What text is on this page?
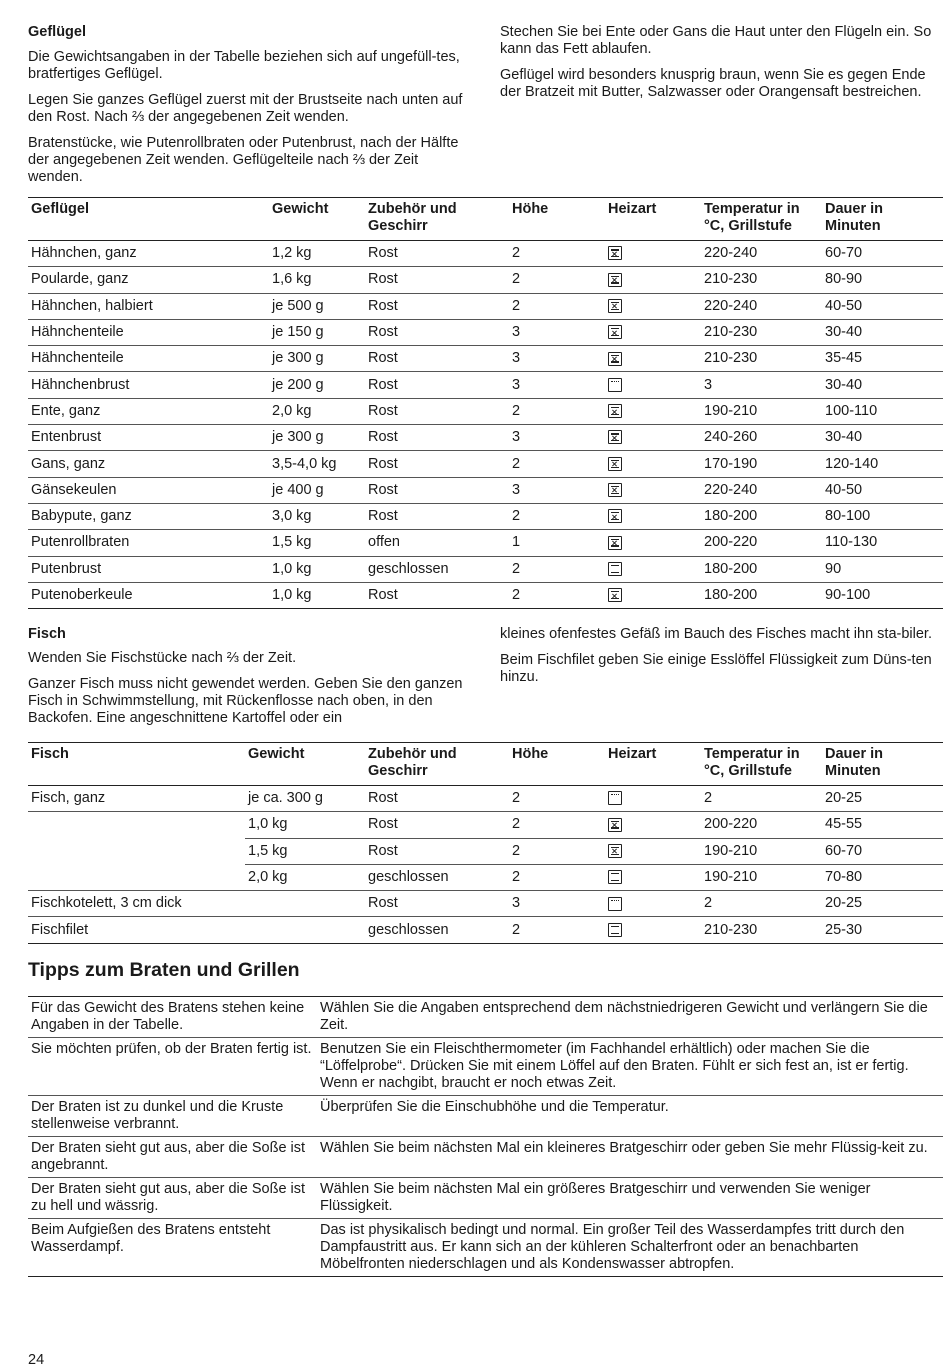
Geflügel

Die Gewichtsangaben in der Tabelle beziehen sich auf ungefüll-tes, bratfertiges Geflügel.

Legen Sie ganzes Geflügel zuerst mit der Brustseite nach unten auf den Rost. Nach ⅔ der angegebenen Zeit wenden.

Bratenstücke, wie Putenrollbraten oder Putenbrust, nach der Hälfte der angegebenen Zeit wenden. Geflügelteile nach ⅔ der Zeit wenden.

Stechen Sie bei Ente oder Gans die Haut unter den Flügeln ein. So kann das Fett ablaufen.

Geflügel wird besonders knusprig braun, wenn Sie es gegen Ende der Bratzeit mit Butter, Salzwasser oder Orangensaft bestreichen.

Geflügel	Gewicht	Zubehör und Geschirr	Höhe	Heizart	Temperatur in °C, Grillstufe	Dauer in Minuten
Hähnchen, ganz	1,2 kg	Rost	2		220-240	60-70
Poularde, ganz	1,6 kg	Rost	2		210-230	80-90
Hähnchen, halbiert	je 500 g	Rost	2		220-240	40-50
Hähnchenteile	je 150 g	Rost	3		210-230	30-40
Hähnchenteile	je 300 g	Rost	3		210-230	35-45
Hähnchenbrust	je 200 g	Rost	3		3	30-40
Ente, ganz	2,0 kg	Rost	2		190-210	100-110
Entenbrust	je 300 g	Rost	3		240-260	30-40
Gans, ganz	3,5-4,0 kg	Rost	2		170-190	120-140
Gänsekeulen	je 400 g	Rost	3		220-240	40-50
Babypute, ganz	3,0 kg	Rost	2		180-200	80-100
Putenrollbraten	1,5 kg	offen	1		200-220	110-130
Putenbrust	1,0 kg	geschlossen	2		180-200	90
Putenoberkeule	1,0 kg	Rost	2		180-200	90-100
Fisch

Wenden Sie Fischstücke nach ⅔ der Zeit.

Ganzer Fisch muss nicht gewendet werden. Geben Sie den ganzen Fisch in Schwimmstellung, mit Rückenflosse nach oben, in den Backofen. Eine angeschnittene Kartoffel oder ein

kleines ofenfestes Gefäß im Bauch des Fisches macht ihn sta-biler.

Beim Fischfilet geben Sie einige Esslöffel Flüssigkeit zum Düns-ten hinzu.

Fisch	Gewicht	Zubehör und Geschirr	Höhe	Heizart	Temperatur in °C, Grillstufe	Dauer in Minuten
Fisch, ganz	je ca. 300 g	Rost	2		2	20-25
	1,0 kg	Rost	2		200-220	45-55
	1,5 kg	Rost	2		190-210	60-70
	2,0 kg	geschlossen	2		190-210	70-80
Fischkotelett, 3 cm dick		Rost	3		2	20-25
Fischfilet		geschlossen	2		210-230	25-30
Tipps zum Braten und Grillen
Für das Gewicht des Bratens stehen keine Angaben in der Tabelle.	Wählen Sie die Angaben entsprechend dem nächstniedrigeren Gewicht und verlängern Sie die Zeit.
Sie möchten prüfen, ob der Braten fertig ist.	Benutzen Sie ein Fleischthermometer (im Fachhandel erhältlich) oder machen Sie die “Löffelprobe“. Drücken Sie mit einem Löffel auf den Braten. Fühlt er sich fest an, ist er fertig. Wenn er nachgibt, braucht er noch etwas Zeit.
Der Braten ist zu dunkel und die Kruste stellenweise verbrannt.	Überprüfen Sie die Einschubhöhe und die Temperatur.
Der Braten sieht gut aus, aber die Soße ist angebrannt.	Wählen Sie beim nächsten Mal ein kleineres Bratgeschirr oder geben Sie mehr Flüssig-keit zu.
Der Braten sieht gut aus, aber die Soße ist zu hell und wässrig.	Wählen Sie beim nächsten Mal ein größeres Bratgeschirr und verwenden Sie weniger Flüssigkeit.
Beim Aufgießen des Bratens entsteht Wasserdampf.	Das ist physikalisch bedingt und normal. Ein großer Teil des Wasserdampfes tritt durch den Dampfaustritt aus. Er kann sich an der kühleren Schalterfront oder an benachbarten Möbelfronten niederschlagen und als Kondenswasser abtropfen.
24
